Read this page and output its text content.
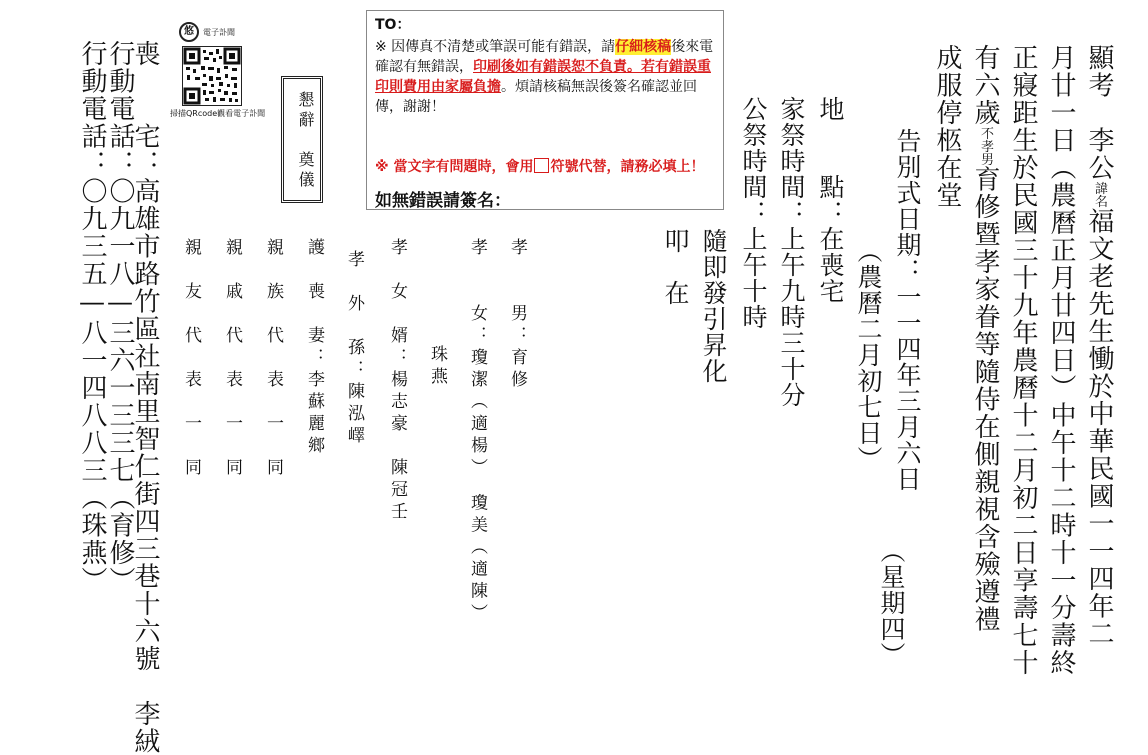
顯考　李公諱名福文老先生慟於中華民國一一四年二
月廿一日（農曆正月廿四日）中午十二時十一分壽終
正寢距生於民國三十九年農曆十二月初二日享壽七十
有六歲不孝男育修暨孝家眷等隨侍在側親視含殮遵禮
成服停柩在堂
告別式日期：一一四年三月六日
（星期四）
（農曆二月初七日）
地　　點：在喪宅
家祭時間：上午九時三十分
公祭時間：上午十時
隨即發引昇化
叩　在
孝　　男：育修
孝　　女：瓊潔（適楊）　瓊美（適陳）
珠燕
孝　女　婿：楊志豪　陳冠壬
孝　外　孫：陳泓嶧
護　喪　妻：李蘇麗鄉
親　族　代　表　一　同
親　戚　代　表　一　同
親　友　代　表　一　同
懇辭　奠儀
悠	電子訃聞
掃描QRcode觀看電子訃聞
喪　　宅：高雄市路竹區社南里智仁街四三巷十六號　李絨
行動電話：〇九一八—三六一三三七（育修）
行動電話：〇九三五—八一四八八三（珠燕）
TO：
※ 因傳真不清楚或筆誤可能有錯誤，請仔細核稿後來電確認有無錯誤，印刷後如有錯誤恕不負責。若有錯誤重印則費用由家屬負擔。煩請核稿無誤後簽名確認並回傳，謝謝！
※ 當文字有問題時，會用 符號代替，請務必填上！
如無錯誤請簽名：
